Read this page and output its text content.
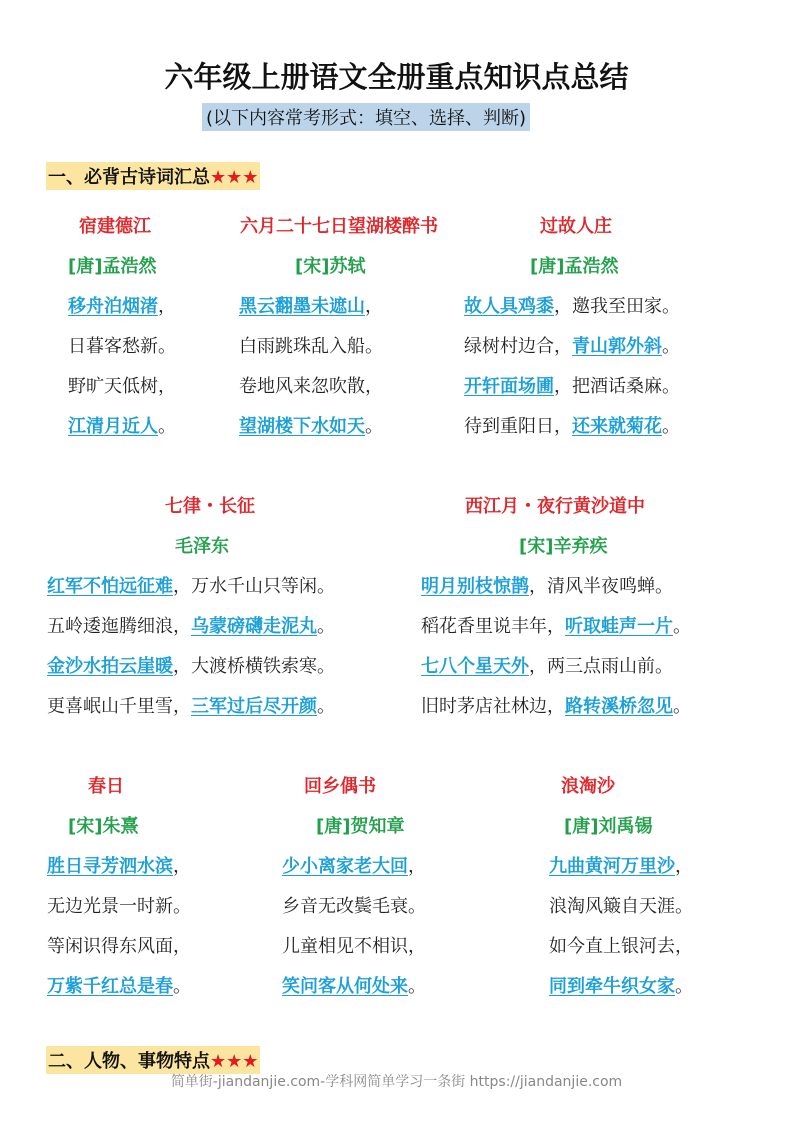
六年级上册语文全册重点知识点总结
(以下内容常考形式：填空、选择、判断)
一、必背古诗词汇总★★★
宿建德江
[唐]孟浩然
移舟泊烟渚，
日暮客愁新。
野旷天低树，
江清月近人。
六月二十七日望湖楼醉书
[宋]苏轼
黑云翻墨未遮山，
白雨跳珠乱入船。
卷地风来忽吹散，
望湖楼下水如天。
过故人庄
[唐]孟浩然
故人具鸡黍，邀我至田家。
绿树村边合，青山郭外斜。
开轩面场圃，把酒话桑麻。
待到重阳日，还来就菊花。
七律・长征
毛泽东
红军不怕远征难，万水千山只等闲。
五岭逶迤腾细浪，乌蒙磅礴走泥丸。
金沙水拍云崖暖，大渡桥横铁索寒。
更喜岷山千里雪，三军过后尽开颜。
西江月・夜行黄沙道中
[宋]辛弃疾
明月别枝惊鹊，清风半夜鸣蝉。
稻花香里说丰年，听取蛙声一片。
七八个星天外，两三点雨山前。
旧时茅店社林边，路转溪桥忽见。
春日
[宋]朱熹
胜日寻芳泗水滨，
无边光景一时新。
等闲识得东风面，
万紫千红总是春。
回乡偶书
[唐]贺知章
少小离家老大回，
乡音无改鬓毛衰。
儿童相见不相识，
笑问客从何处来。
浪淘沙
[唐]刘禹锡
九曲黄河万里沙，
浪淘风簸自天涯。
如今直上银河去，
同到牵牛织女家。
二、人物、事物特点★★★
简单街-jiandanjie.com-学科网简单学习一条街 https://jiandanjie.com
